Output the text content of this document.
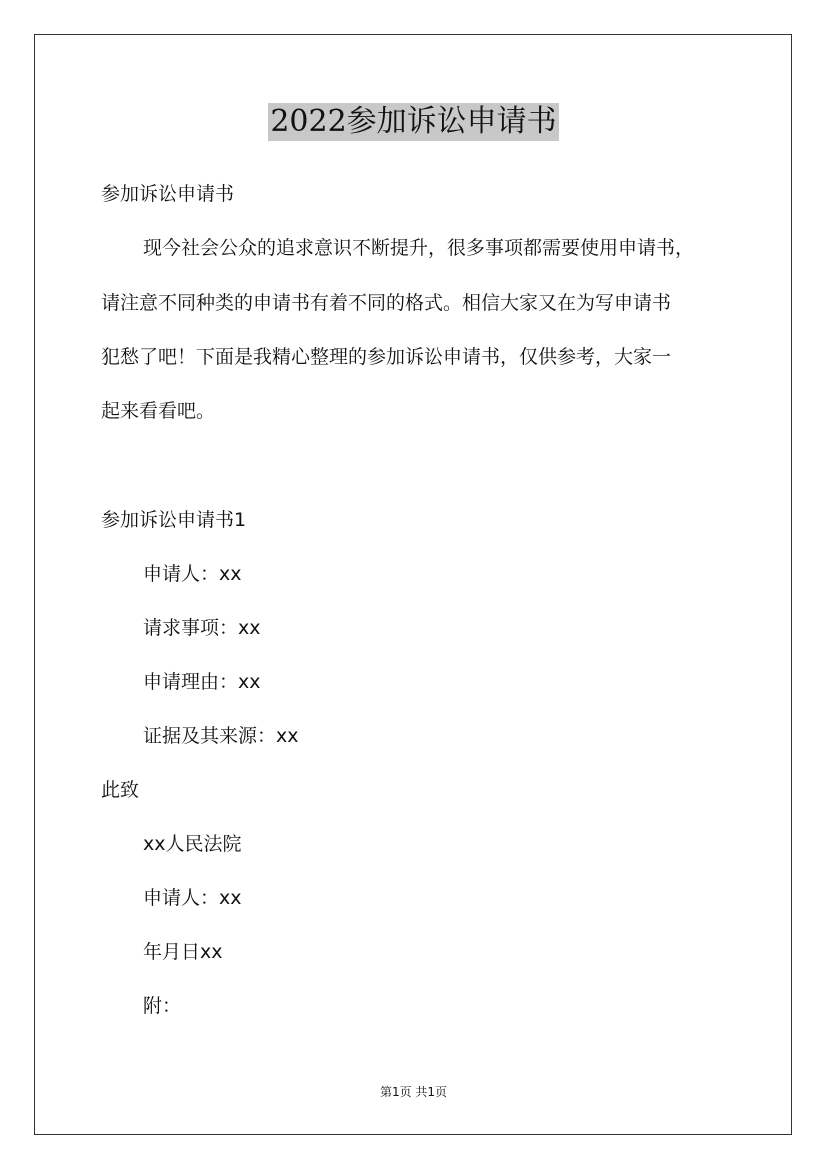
2022参加诉讼申请书
参加诉讼申请书
现今社会公众的追求意识不断提升，很多事项都需要使用申请书，
请注意不同种类的申请书有着不同的格式。相信大家又在为写申请书
犯愁了吧！下面是我精心整理的参加诉讼申请书，仅供参考，大家一
起来看看吧。
参加诉讼申请书1
申请人：xx
请求事项：xx
申请理由：xx
证据及其来源：xx
此致
xx人民法院
申请人：xx
年月日xx
附：
第1页 共1页
